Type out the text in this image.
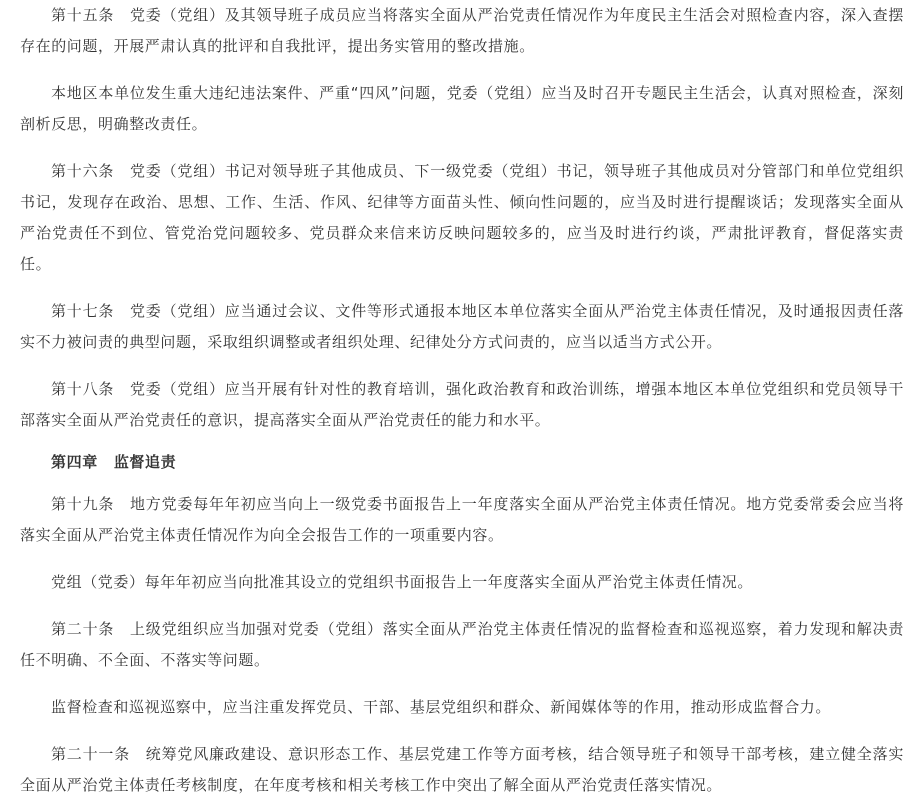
第十五条　党委（党组）及其领导班子成员应当将落实全面从严治党责任情况作为年度民主生活会对照检查内容，深入查摆存在的问题，开展严肃认真的批评和自我批评，提出务实管用的整改措施。

本地区本单位发生重大违纪违法案件、严重“四风”问题，党委（党组）应当及时召开专题民主生活会，认真对照检查，深刻剖析反思，明确整改责任。

第十六条　党委（党组）书记对领导班子其他成员、下一级党委（党组）书记，领导班子其他成员对分管部门和单位党组织书记，发现存在政治、思想、工作、生活、作风、纪律等方面苗头性、倾向性问题的，应当及时进行提醒谈话；发现落实全面从严治党责任不到位、管党治党问题较多、党员群众来信来访反映问题较多的，应当及时进行约谈，严肃批评教育，督促落实责任。

第十七条　党委（党组）应当通过会议、文件等形式通报本地区本单位落实全面从严治党主体责任情况，及时通报因责任落实不力被问责的典型问题，采取组织调整或者组织处理、纪律处分方式问责的，应当以适当方式公开。

第十八条　党委（党组）应当开展有针对性的教育培训，强化政治教育和政治训练，增强本地区本单位党组织和党员领导干部落实全面从严治党责任的意识，提高落实全面从严治党责任的能力和水平。

第四章 监督追责

第十九条　地方党委每年年初应当向上一级党委书面报告上一年度落实全面从严治党主体责任情况。地方党委常委会应当将落实全面从严治党主体责任情况作为向全会报告工作的一项重要内容。

党组（党委）每年年初应当向批准其设立的党组织书面报告上一年度落实全面从严治党主体责任情况。

第二十条　上级党组织应当加强对党委（党组）落实全面从严治党主体责任情况的监督检查和巡视巡察，着力发现和解决责任不明确、不全面、不落实等问题。

监督检查和巡视巡察中，应当注重发挥党员、干部、基层党组织和群众、新闻媒体等的作用，推动形成监督合力。

第二十一条　统筹党风廉政建设、意识形态工作、基层党建工作等方面考核，结合领导班子和领导干部考核，建立健全落实全面从严治党主体责任考核制度，在年度考核和相关考核工作中突出了解全面从严治党责任落实情况。
